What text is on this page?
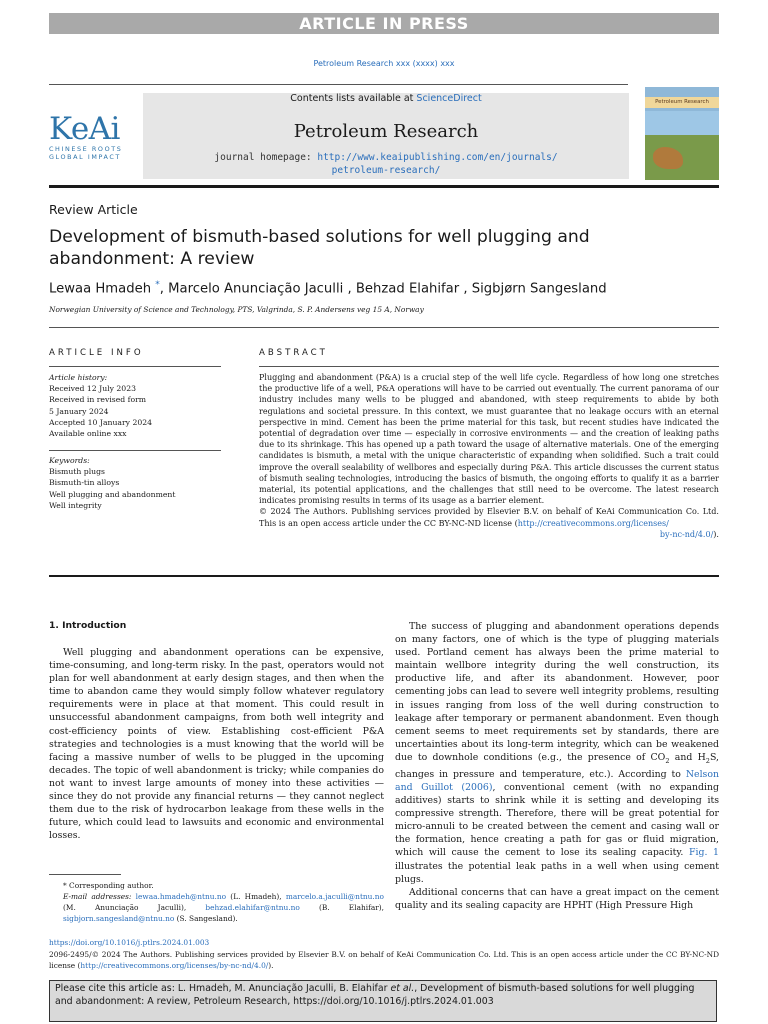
ARTICLE IN PRESS
Petroleum Research xxx (xxxx) xxx
KeAi
CHINESE ROOTS
GLOBAL IMPACT
Contents lists available at ScienceDirect
Petroleum Research
journal homepage: http://www.keaipublishing.com/en/journals/
petroleum-research/
Petroleum Research
Review Article
Development of bismuth-based solutions for well plugging and abandonment: A review
Lewaa Hmadeh *, Marcelo Anunciação Jaculli , Behzad Elahifar , Sigbjørn Sangesland
Norwegian University of Science and Technology, PTS, Valgrinda, S. P. Andersens veg 15 A, Norway
ARTICLE INFO	ABSTRACT
Article history:
Received 12 July 2023
Received in revised form
5 January 2024
Accepted 10 January 2024
Available online xxx
Keywords:
Bismuth plugs
Bismuth-tin alloys
Well plugging and abandonment
Well integrity

Plugging and abandonment (P&A) is a crucial step of the well life cycle. Regardless of how long one stretches the productive life of a well, P&A operations will have to be carried out eventually. The current panorama of our industry includes many wells to be plugged and abandoned, with steep requirements to abide by both regulations and societal pressure. In this context, we must guarantee that no leakage occurs with an eternal perspective in mind. Cement has been the prime material for this task, but recent studies have indicated the potential of degradation over time — especially in corrosive environments — and the creation of leaking paths due to its shrinkage. This has opened up a path toward the usage of alternative materials. One of the emerging candidates is bismuth, a metal with the unique characteristic of expanding when solidified. Such a trait could improve the overall sealability of wellbores and especially during P&A. This article discusses the current status of bismuth sealing technologies, introducing the basics of bismuth, the ongoing efforts to qualify it as a barrier material, its potential applications, and the challenges that still need to be overcome. The latest research indicates promising results in terms of its usage as a barrier element.

© 2024 The Authors. Publishing services provided by Elsevier B.V. on behalf of KeAi Communication Co. Ltd. This is an open access article under the CC BY-NC-ND license (http://creativecommons.org/licenses/

by-nc-nd/4.0/).

1. Introduction

Well plugging and abandonment operations can be expensive, time-consuming, and long-term risky. In the past, operators would not plan for well abandonment at early design stages, and then when the time to abandon came they would simply follow whatever regulatory requirements were in place at that moment. This could result in unsuccessful abandonment campaigns, from both well integrity and cost-efficiency points of view. Establishing cost-efficient P&A strategies and technologies is a must knowing that the world will be facing a massive number of wells to be plugged in the upcoming decades. The topic of well abandonment is tricky; while companies do not want to invest large amounts of money into these activities — since they do not provide any financial returns — they cannot neglect them due to the risk of hydrocarbon leakage from these wells in the future, which could lead to lawsuits and economic and environmental losses.

The success of plugging and abandonment operations depends on many factors, one of which is the type of plugging materials used. Portland cement has always been the prime material to maintain wellbore integrity during the well construction, its productive life, and after its abandonment. However, poor cementing jobs can lead to severe well integrity problems, resulting in issues ranging from loss of the well during construction to leakage after temporary or permanent abandonment. Even though cement seems to meet requirements set by standards, there are uncertainties about its long-term integrity, which can be weakened due to downhole conditions (e.g., the presence of $CO_2$ and $H_2S$, changes in pressure and temperature, etc.). According to Nelson and Guillot (2006), conventional cement (with no expanding additives) starts to shrink while it is setting and developing its compressive strength. Therefore, there will be great potential for micro-annuli to be created between the cement and casing wall or the formation, hence creating a path for gas or fluid migration, which will cause the cement to lose its sealing capacity. Fig. 1 illustrates the potential leak paths in a well when using cement plugs.

Additional concerns that can have a great impact on the cement quality and its sealing capacity are HPHT (High Pressure High

* Corresponding author.
E-mail addresses: lewaa.hmadeh@ntnu.no (L. Hmadeh), marcelo.a.jaculli@ntnu.no (M. Anunciação Jaculli), behzad.elahifar@ntnu.no (B. Elahifar), sigbjorn.sangesland@ntnu.no (S. Sangesland).
https://doi.org/10.1016/j.ptlrs.2024.01.003
2096-2495/© 2024 The Authors. Publishing services provided by Elsevier B.V. on behalf of KeAi Communication Co. Ltd. This is an open access article under the CC BY-NC-ND license (http://creativecommons.org/licenses/by-nc-nd/4.0/).
Please cite this article as: L. Hmadeh, M. Anunciação Jaculli, B. Elahifar et al., Development of bismuth-based solutions for well plugging and abandonment: A review, Petroleum Research, https://doi.org/10.1016/j.ptlrs.2024.01.003
